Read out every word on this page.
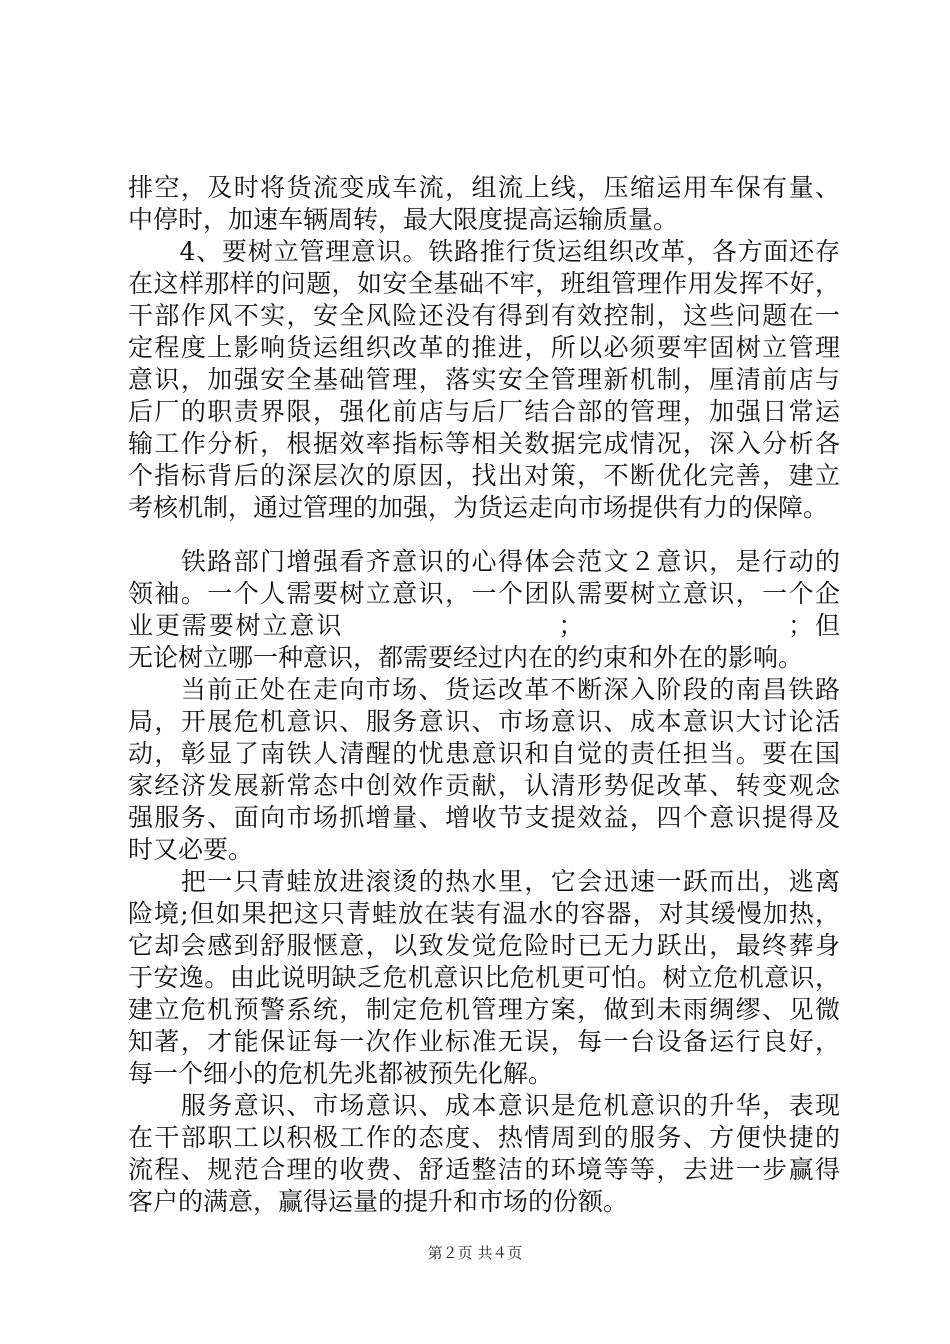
排空，及时将货流变成车流，组流上线，压缩运用车保有量、
中停时，加速车辆周转，最大限度提高运输质量。
　　4、要树立管理意识。铁路推行货运组织改革，各方面还存
在这样那样的问题，如安全基础不牢，班组管理作用发挥不好，
干部作风不实，安全风险还没有得到有效控制，这些问题在一
定程度上影响货运组织改革的推进，所以必须要牢固树立管理
意识，加强安全基础管理，落实安全管理新机制，厘清前店与
后厂的职责界限，强化前店与后厂结合部的管理，加强日常运
输工作分析，根据效率指标等相关数据完成情况，深入分析各
个指标背后的深层次的原因，找出对策，不断优化完善，建立
考核机制，通过管理的加强，为货运走向市场提供有力的保障。
　　铁路部门增强看齐意识的心得体会范文２意识，是行动的
领袖。一个人需要树立意识，一个团队需要树立意识，一个企
业更需要树立意识　　　　　　　　；　　　　　　　　；但
无论树立哪一种意识，都需要经过内在的约束和外在的影响。
　　当前正处在走向市场、货运改革不断深入阶段的南昌铁路
局，开展危机意识、服务意识、市场意识、成本意识大讨论活
动，彰显了南铁人清醒的忧患意识和自觉的责任担当。要在国
家经济发展新常态中创效作贡献，认清形势促改革、转变观念
强服务、面向市场抓增量、增收节支提效益，四个意识提得及
时又必要。
　　把一只青蛙放进滚烫的热水里，它会迅速一跃而出，逃离
险境;但如果把这只青蛙放在装有温水的容器，对其缓慢加热，
它却会感到舒服惬意，以致发觉危险时已无力跃出，最终葬身
于安逸。由此说明缺乏危机意识比危机更可怕。树立危机意识，
建立危机预警系统，制定危机管理方案，做到未雨绸缪、见微
知著，才能保证每一次作业标准无误，每一台设备运行良好，
每一个细小的危机先兆都被预先化解。
　　服务意识、市场意识、成本意识是危机意识的升华，表现
在干部职工以积极工作的态度、热情周到的服务、方便快捷的
流程、规范合理的收费、舒适整洁的环境等等，去进一步赢得
客户的满意，赢得运量的提升和市场的份额。
第２页 共４页
